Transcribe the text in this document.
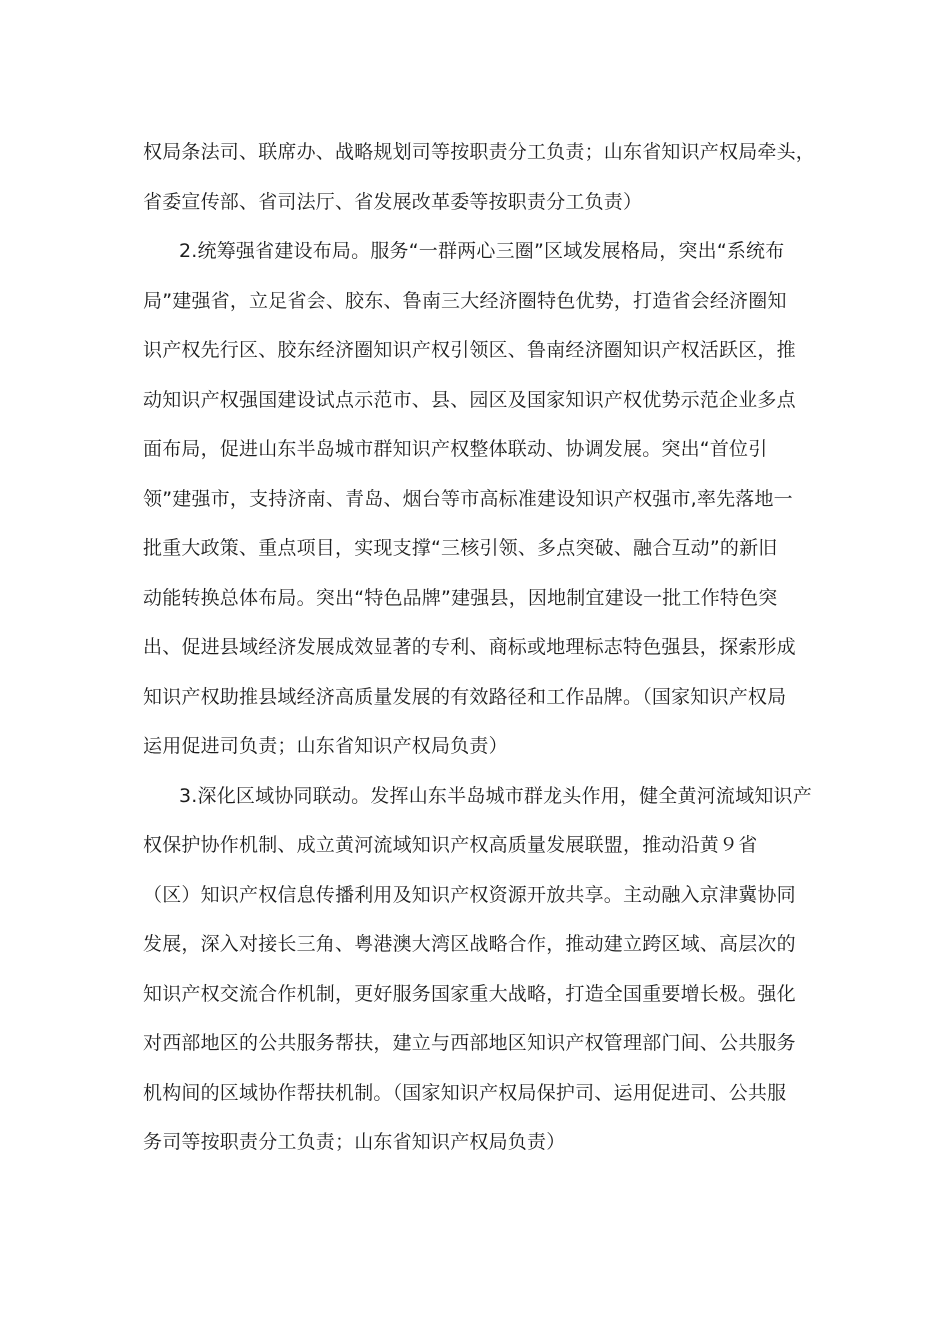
权局条法司、联席办、战略规划司等按职责分工负责；山东省知识产权局牵头，
省委宣传部、省司法厅、省发展改革委等按职责分工负责）
2.统筹强省建设布局。服务“一群两心三圈”区域发展格局，突出“系统布
局”建强省，立足省会、胶东、鲁南三大经济圈特色优势，打造省会经济圈知
识产权先行区、胶东经济圈知识产权引领区、鲁南经济圈知识产权活跃区，推
动知识产权强国建设试点示范市、县、园区及国家知识产权优势示范企业多点
面布局，促进山东半岛城市群知识产权整体联动、协调发展。突出“首位引
领”建强市，支持济南、青岛、烟台等市高标准建设知识产权强市,率先落地一
批重大政策、重点项目，实现支撑“三核引领、多点突破、融合互动”的新旧
动能转换总体布局。突出“特色品牌”建强县，因地制宜建设一批工作特色突
出、促进县域经济发展成效显著的专利、商标或地理标志特色强县，探索形成
知识产权助推县域经济高质量发展的有效路径和工作品牌。（国家知识产权局
运用促进司负责；山东省知识产权局负责）
3.深化区域协同联动。发挥山东半岛城市群龙头作用，健全黄河流域知识产
权保护协作机制、成立黄河流域知识产权高质量发展联盟，推动沿黄９省
（区）知识产权信息传播利用及知识产权资源开放共享。主动融入京津冀协同
发展，深入对接长三角、粤港澳大湾区战略合作，推动建立跨区域、高层次的
知识产权交流合作机制，更好服务国家重大战略，打造全国重要增长极。强化
对西部地区的公共服务帮扶，建立与西部地区知识产权管理部门间、公共服务
机构间的区域协作帮扶机制。（国家知识产权局保护司、运用促进司、公共服
务司等按职责分工负责；山东省知识产权局负责）
